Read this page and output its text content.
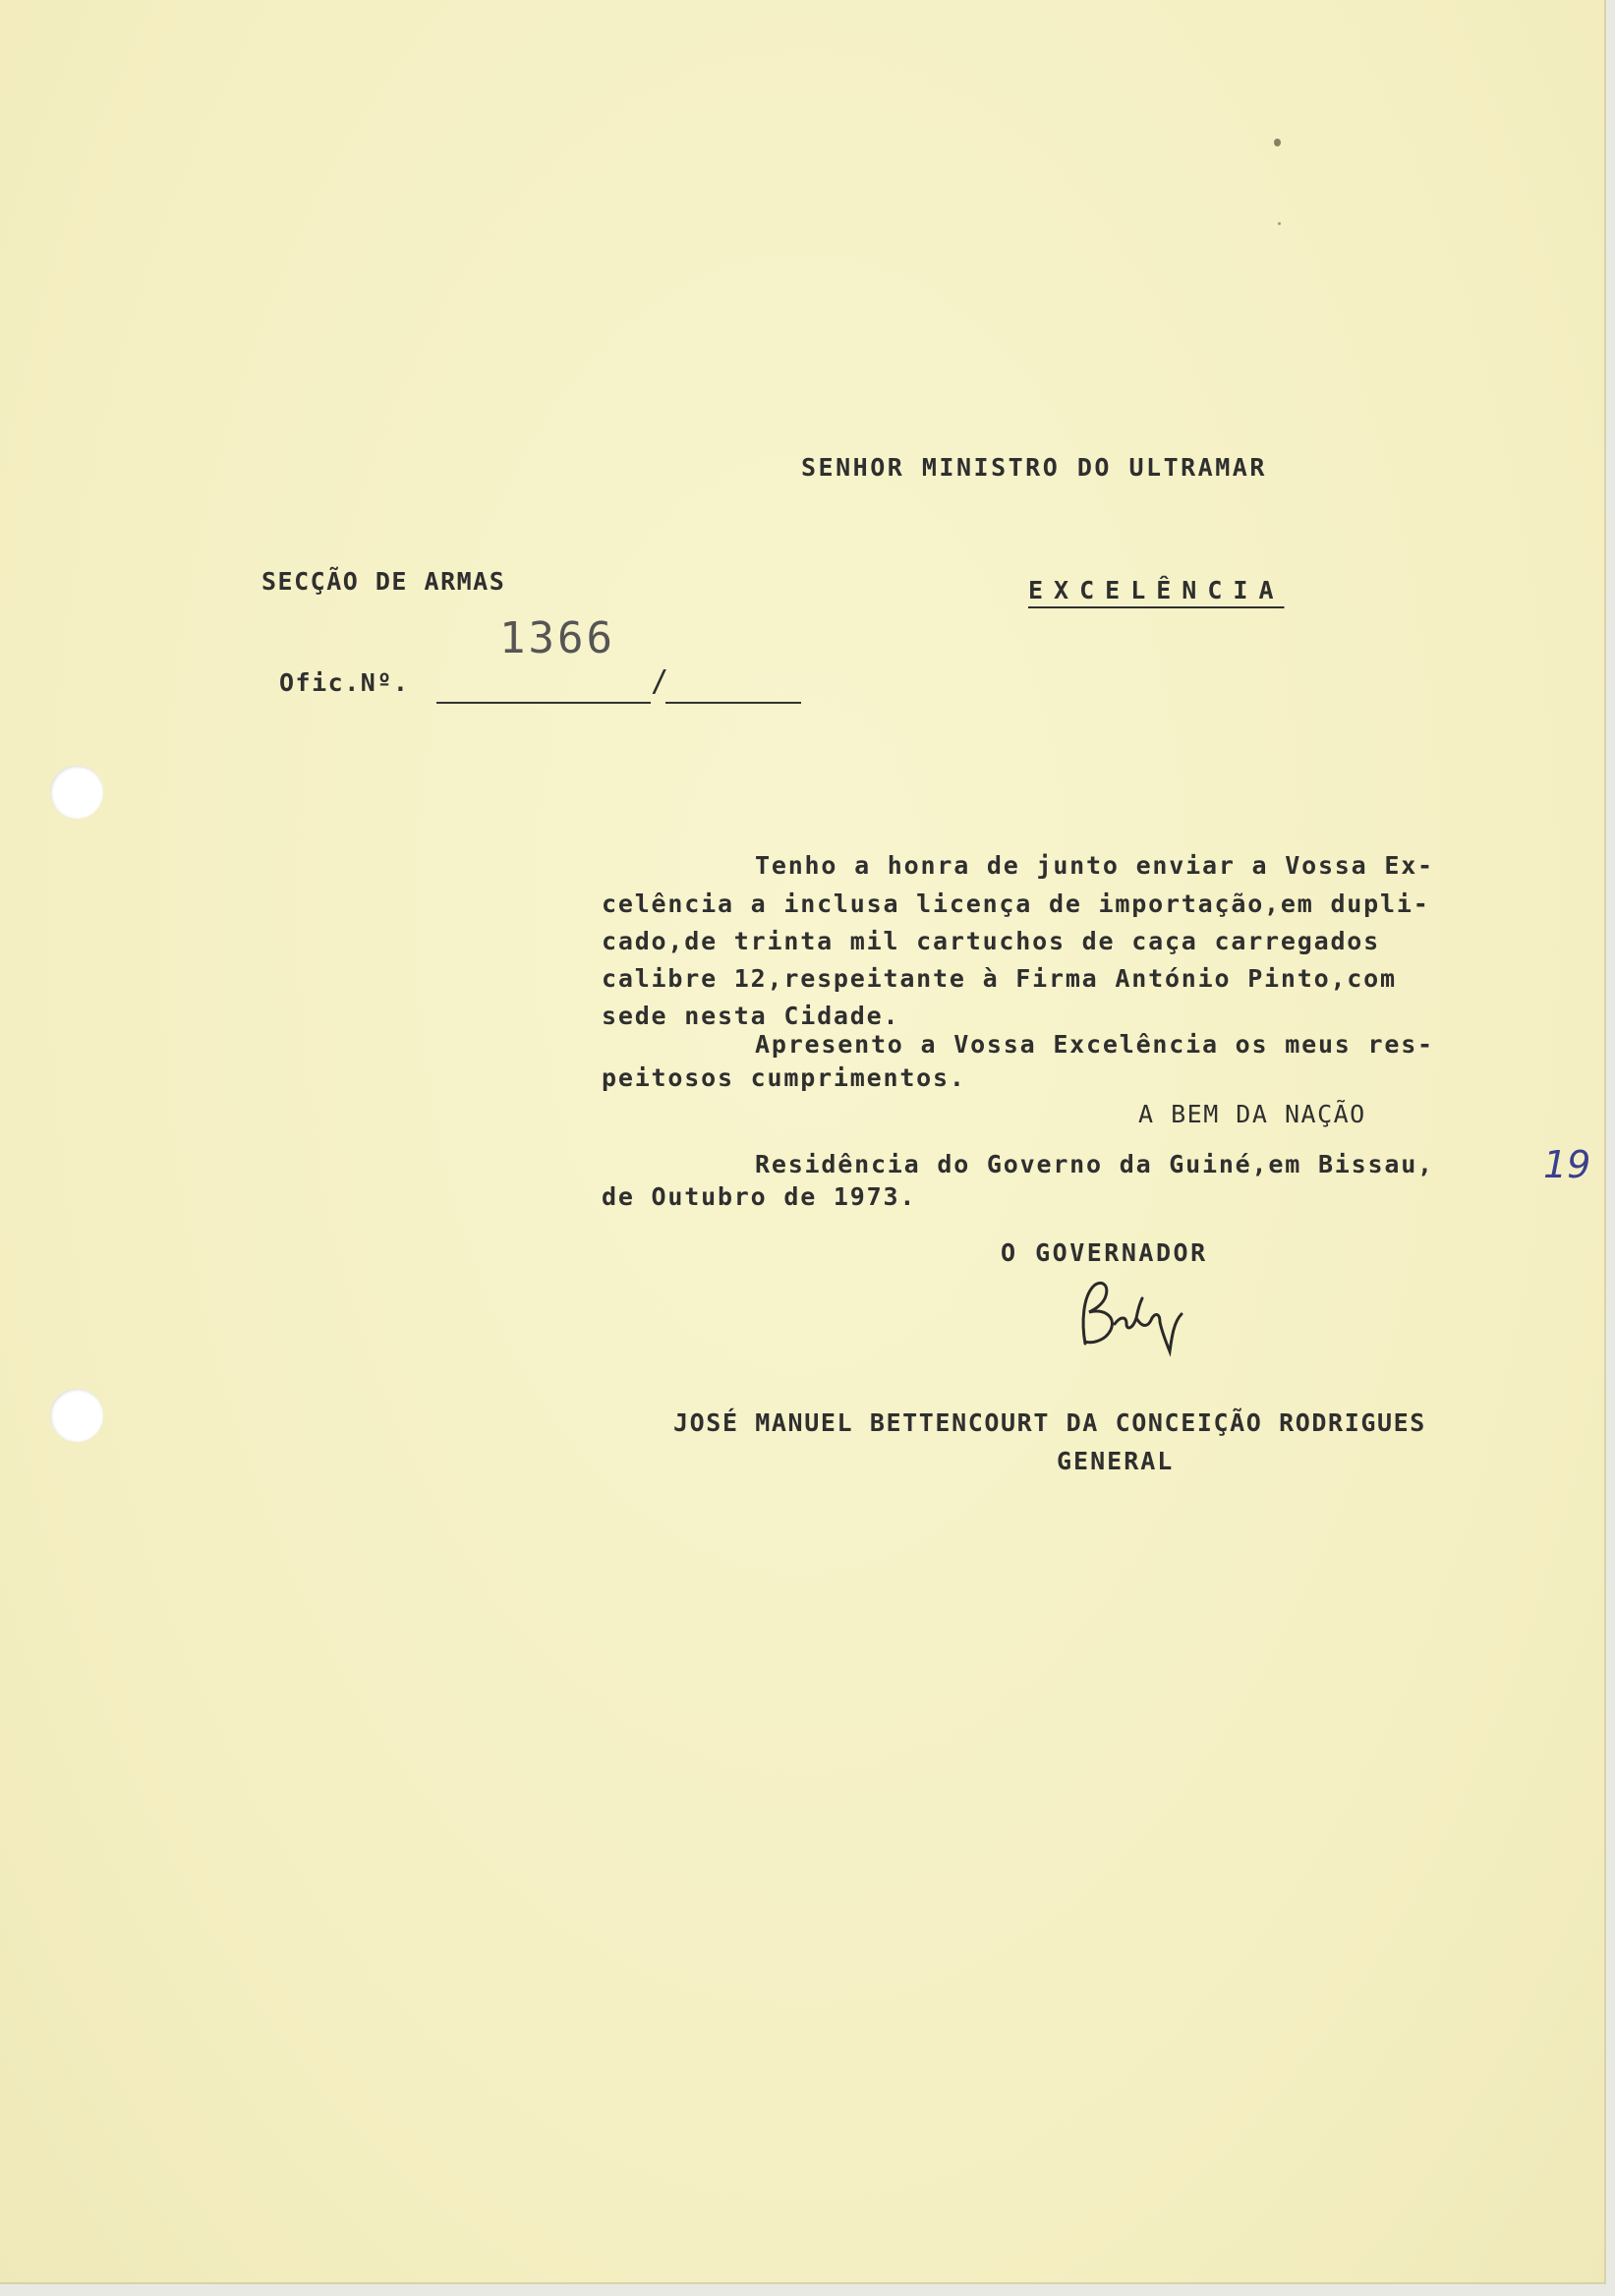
SENHOR MINISTRO DO ULTRAMAR
SECÇÃO DE ARMAS	EXCELÊNCIA
1366
Ofic.Nº.	/
Tenho a honra de junto enviar a Vossa Ex-
celência a inclusa licença de importação,em dupli-
cado,de trinta mil cartuchos de caça carregados
calibre 12,respeitante à Firma António Pinto,com
sede nesta Cidade.
Apresento a Vossa Excelência os meus res-
peitosos cumprimentos.
A BEM DA NAÇÃO
Residência do Governo da Guiné,em Bissau,	19
de Outubro de 1973.
O GOVERNADOR
JOSÉ MANUEL BETTENCOURT DA CONCEIÇÃO RODRIGUES
GENERAL
